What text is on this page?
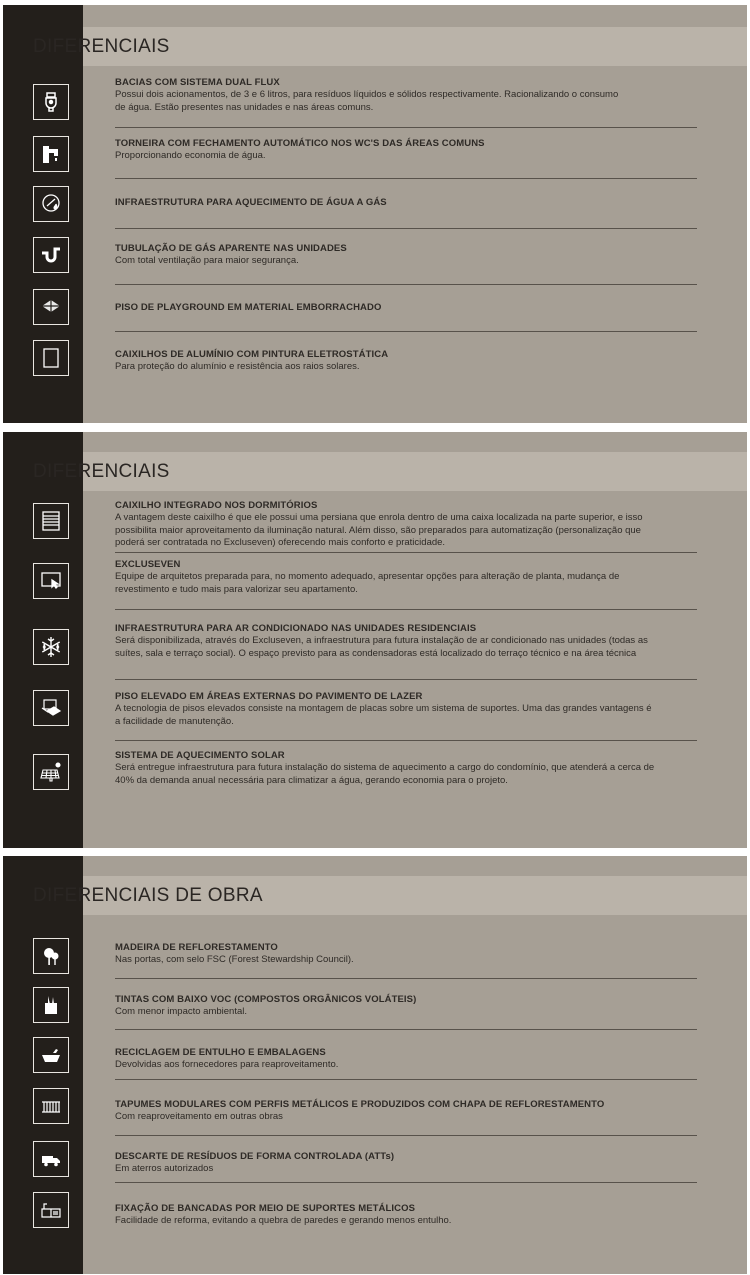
DIFERENCIAIS
BACIAS COM SISTEMA DUAL FLUX
Possui dois acionamentos, de 3 e 6 litros, para resíduos líquidos e sólidos respectivamente. Racionalizando o consumo
de água. Estão presentes nas unidades e nas áreas comuns.
TORNEIRA COM FECHAMENTO AUTOMÁTICO NOS WC'S DAS ÁREAS COMUNS
Proporcionando economia de água.
INFRAESTRUTURA PARA AQUECIMENTO DE ÁGUA A GÁS
TUBULAÇÃO DE GÁS APARENTE NAS UNIDADES
Com total ventilação para maior segurança.
PISO DE PLAYGROUND EM MATERIAL EMBORRACHADO
CAIXILHOS DE ALUMÍNIO COM PINTURA ELETROSTÁTICA
Para proteção do alumínio e resistência aos raios solares.
DIFERENCIAIS
CAIXILHO INTEGRADO NOS DORMITÓRIOS
A vantagem deste caixilho é que ele possui uma persiana que enrola dentro de uma caixa localizada na parte superior, e isso
possibilita maior aproveitamento da iluminação natural. Além disso, são preparados para automatização (personalização que
poderá ser contratada no Excluseven) oferecendo mais conforto e praticidade.
EXCLUSEVEN
Equipe de arquitetos preparada para, no momento adequado, apresentar opções para alteração de planta, mudança de
revestimento e tudo mais para valorizar seu apartamento.
INFRAESTRUTURA PARA AR CONDICIONADO NAS UNIDADES RESIDENCIAIS
Será disponibilizada, através do Excluseven, a infraestrutura para futura instalação de ar condicionado nas unidades (todas as
suítes, sala e terraço social). O espaço previsto para as condensadoras está localizado do terraço técnico e na área técnica
PISO ELEVADO EM ÁREAS EXTERNAS DO PAVIMENTO DE LAZER
A tecnologia de pisos elevados consiste na montagem de placas sobre um sistema de suportes. Uma das grandes vantagens é
a facilidade de manutenção.
SISTEMA DE AQUECIMENTO SOLAR
Será entregue infraestrutura para futura instalação do sistema de aquecimento a cargo do condomínio, que atenderá a cerca de
40% da demanda anual necessária para climatizar a água, gerando economia para o projeto.
DIFERENCIAIS DE OBRA
MADEIRA DE REFLORESTAMENTO
Nas portas, com selo FSC (Forest Stewardship Council).
TINTAS COM BAIXO VOC (COMPOSTOS ORGÂNICOS VOLÁTEIS)
Com menor impacto ambiental.
RECICLAGEM DE ENTULHO E EMBALAGENS
Devolvidas aos fornecedores para reaproveitamento.
TAPUMES MODULARES COM PERFIS METÁLICOS E PRODUZIDOS COM CHAPA DE REFLORESTAMENTO
Com reaproveitamento em outras obras
DESCARTE DE RESÍDUOS DE FORMA CONTROLADA (ATTs)
Em aterros autorizados
FIXAÇÃO DE BANCADAS POR MEIO DE SUPORTES METÁLICOS
Facilidade de reforma, evitando a quebra de paredes e gerando menos entulho.
